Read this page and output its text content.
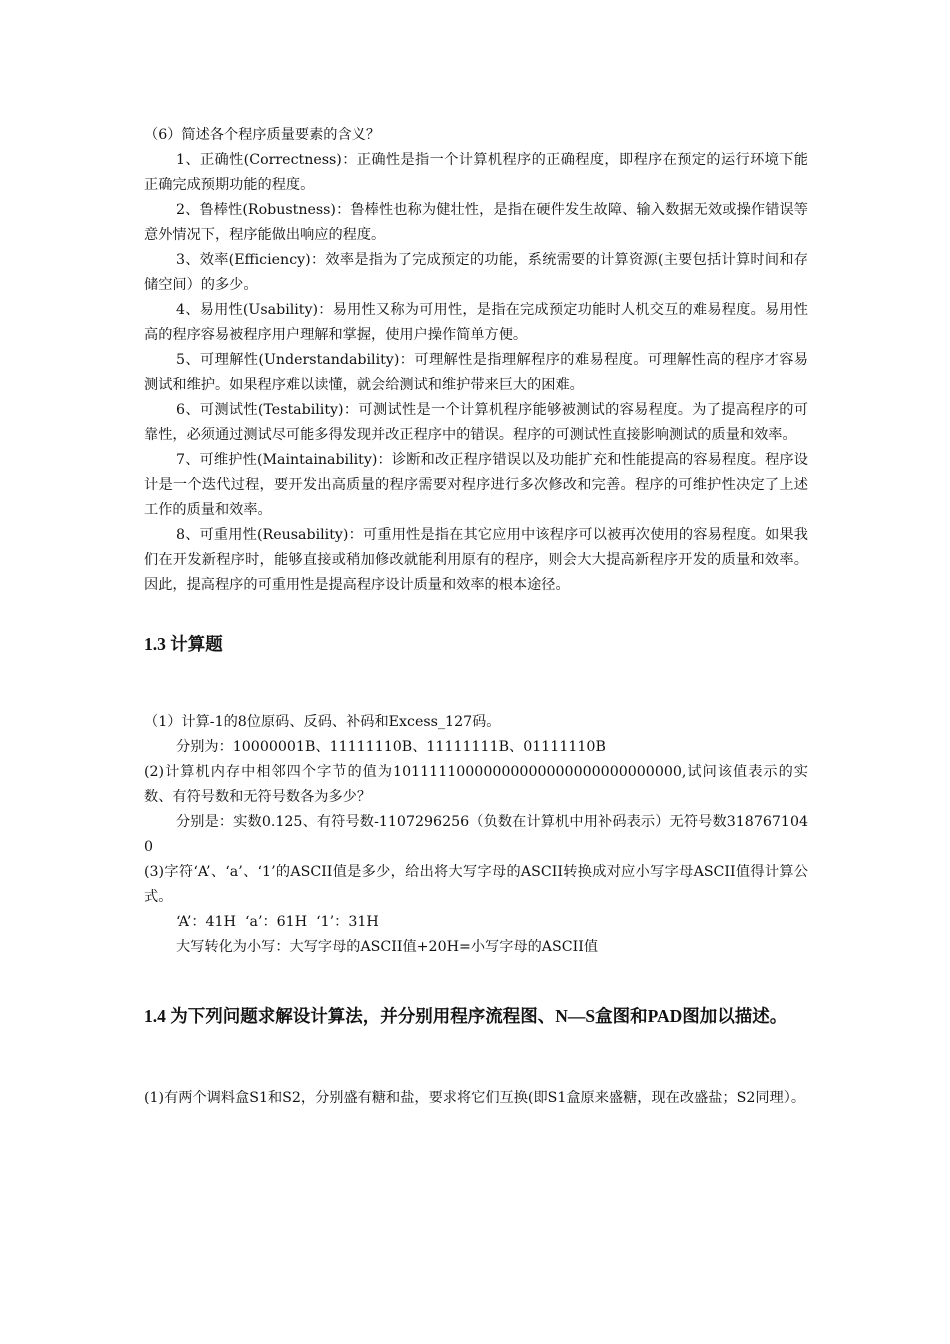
（6）简述各个程序质量要素的含义？

1、正确性(Correctness)：正确性是指一个计算机程序的正确程度，即程序在预定的运行环境下能正确完成预期功能的程度。

2、鲁棒性(Robustness)：鲁棒性也称为健壮性，是指在硬件发生故障、输入数据无效或操作错误等意外情况下，程序能做出响应的程度。

3、效率(Efficiency)：效率是指为了完成预定的功能，系统需要的计算资源(主要包括计算时间和存储空间）的多少。

4、易用性(Usability)：易用性又称为可用性，是指在完成预定功能时人机交互的难易程度。易用性高的程序容易被程序用户理解和掌握，使用户操作简单方便。

5、可理解性(Understandability)：可理解性是指理解程序的难易程度。可理解性高的程序才容易测试和维护。如果程序难以读懂，就会给测试和维护带来巨大的困难。

6、可测试性(Testability)：可测试性是一个计算机程序能够被测试的容易程度。为了提高程序的可靠性，必须通过测试尽可能多得发现并改正程序中的错误。程序的可测试性直接影响测试的质量和效率。

7、可维护性(Maintainability)：诊断和改正程序错误以及功能扩充和性能提高的容易程度。程序设计是一个迭代过程，要开发出高质量的程序需要对程序进行多次修改和完善。程序的可维护性决定了上述工作的质量和效率。

8、可重用性(Reusability)：可重用性是指在其它应用中该程序可以被再次使用的容易程度。如果我们在开发新程序时，能够直接或稍加修改就能利用原有的程序，则会大大提高新程序开发的质量和效率。因此，提高程序的可重用性是提高程序设计质量和效率的根本途径。

1.3 计算题

（1）计算-1的8位原码、反码、补码和Excess_127码。

分别为：10000001B、11111110B、11111111B、01111110B

(2)计算机内存中相邻四个字节的值为10111110000000000000000000000000,试问该值表示的实数、有符号数和无符号数各为多少？

分别是：实数0.125、有符号数-1107296256（负数在计算机中用补码表示）无符号数3187671040

(3)字符‘A’、‘a’、‘1’的ASCII值是多少，给出将大写字母的ASCII转换成对应小写字母ASCII值得计算公式。

‘A’：41H  ‘a’：61H  ‘1’：31H

大写转化为小写：大写字母的ASCII值+20H=小写字母的ASCII值

1.4 为下列问题求解设计算法，并分别用程序流程图、N—S盒图和PAD图加以描述。

(1)有两个调料盒S1和S2，分别盛有糖和盐，要求将它们互换(即S1盒原来盛糖，现在改盛盐；S2同理）。
